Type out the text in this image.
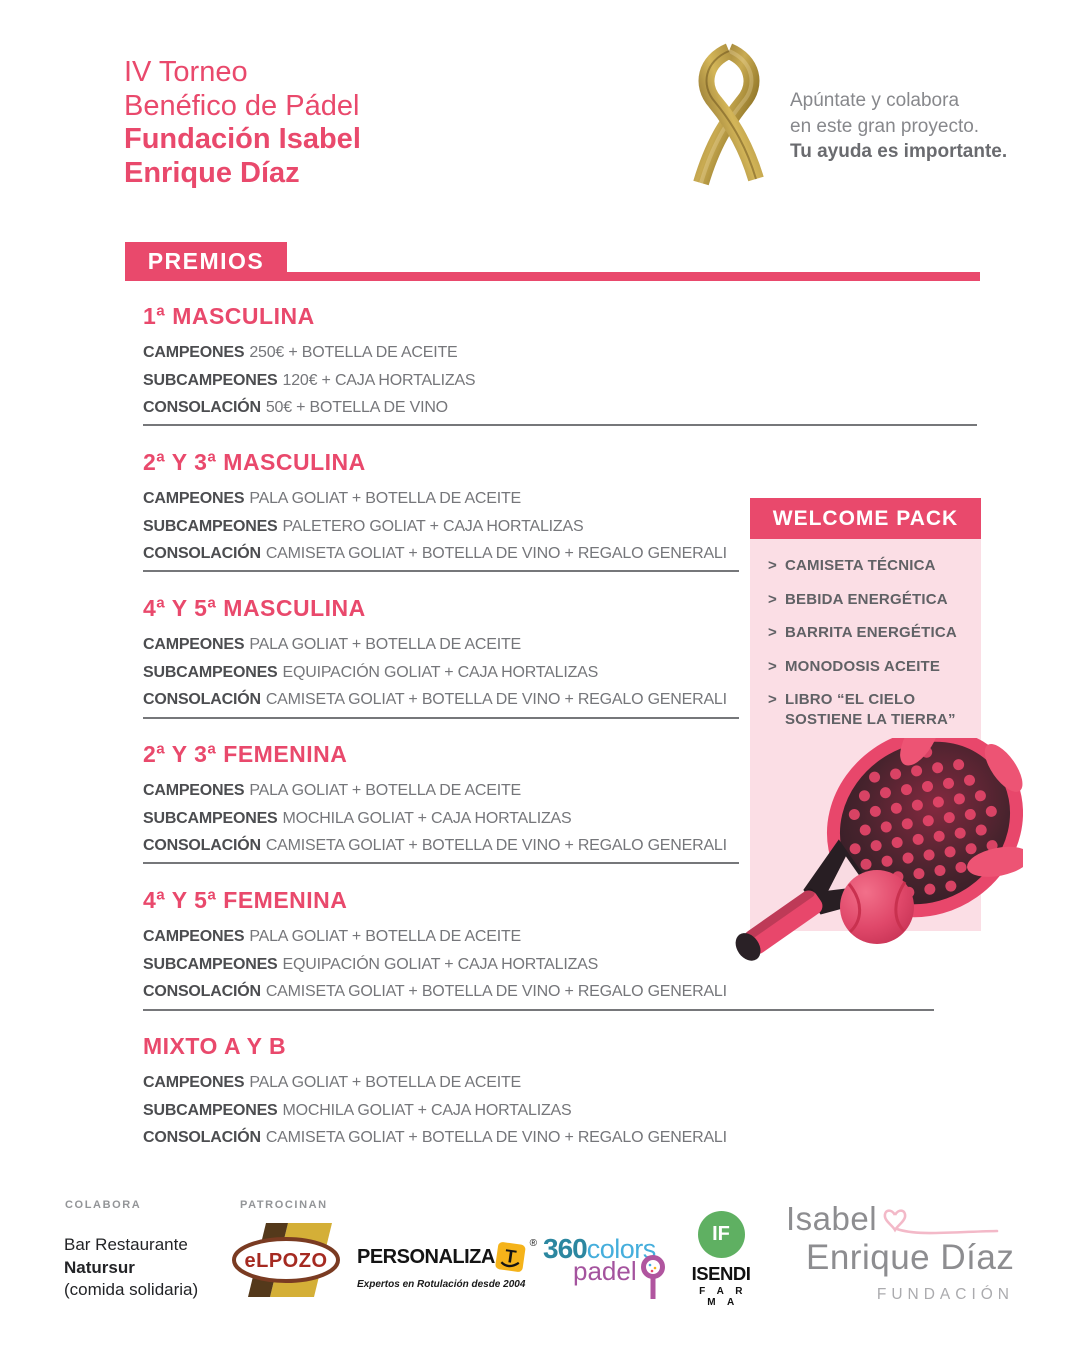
IV Torneo
Benéfico de Pádel
Fundación Isabel
Enrique Díaz
Apúntate y colabora
en este gran proyecto.
Tu ayuda es importante.
PREMIOS
1ª MASCULINA
CAMPEONES 250€ + BOTELLA DE ACEITE
SUBCAMPEONES 120€ + CAJA HORTALIZAS
CONSOLACIÓN 50€ + BOTELLA DE VINO
2ª Y 3ª MASCULINA
CAMPEONES PALA GOLIAT + BOTELLA DE ACEITE
SUBCAMPEONES PALETERO GOLIAT + CAJA HORTALIZAS
CONSOLACIÓN CAMISETA GOLIAT + BOTELLA DE VINO + REGALO GENERALI
4ª Y 5ª MASCULINA
CAMPEONES PALA GOLIAT + BOTELLA DE ACEITE
SUBCAMPEONES EQUIPACIÓN GOLIAT + CAJA HORTALIZAS
CONSOLACIÓN CAMISETA GOLIAT + BOTELLA DE VINO + REGALO GENERALI
2ª Y 3ª FEMENINA
CAMPEONES PALA GOLIAT + BOTELLA DE ACEITE
SUBCAMPEONES MOCHILA GOLIAT + CAJA HORTALIZAS
CONSOLACIÓN CAMISETA GOLIAT + BOTELLA DE VINO + REGALO GENERALI
4ª Y 5ª FEMENINA
CAMPEONES PALA GOLIAT + BOTELLA DE ACEITE
SUBCAMPEONES EQUIPACIÓN GOLIAT + CAJA HORTALIZAS
CONSOLACIÓN CAMISETA GOLIAT + BOTELLA DE VINO + REGALO GENERALI
MIXTO A Y B
CAMPEONES PALA GOLIAT + BOTELLA DE ACEITE
SUBCAMPEONES MOCHILA GOLIAT + CAJA HORTALIZAS
CONSOLACIÓN CAMISETA GOLIAT + BOTELLA DE VINO + REGALO GENERALI
WELCOME PACK
> CAMISETA TÉCNICA
> BEBIDA ENERGÉTICA
> BARRITA ENERGÉTICA
> MONODOSIS ACEITE
> LIBRO “EL CIELO SOSTIENE LA TIERRA”
COLABORA	PATROCINAN
Bar Restaurante
Natursur
(comida solidaria)
eLPOZO PERSONALIZA T
®
Expertos en Rotulación desde 2004
360colors
padel
IF
ISENDI
F A R M A
Isabel
Enrique Díaz
FUNDACIÓN
